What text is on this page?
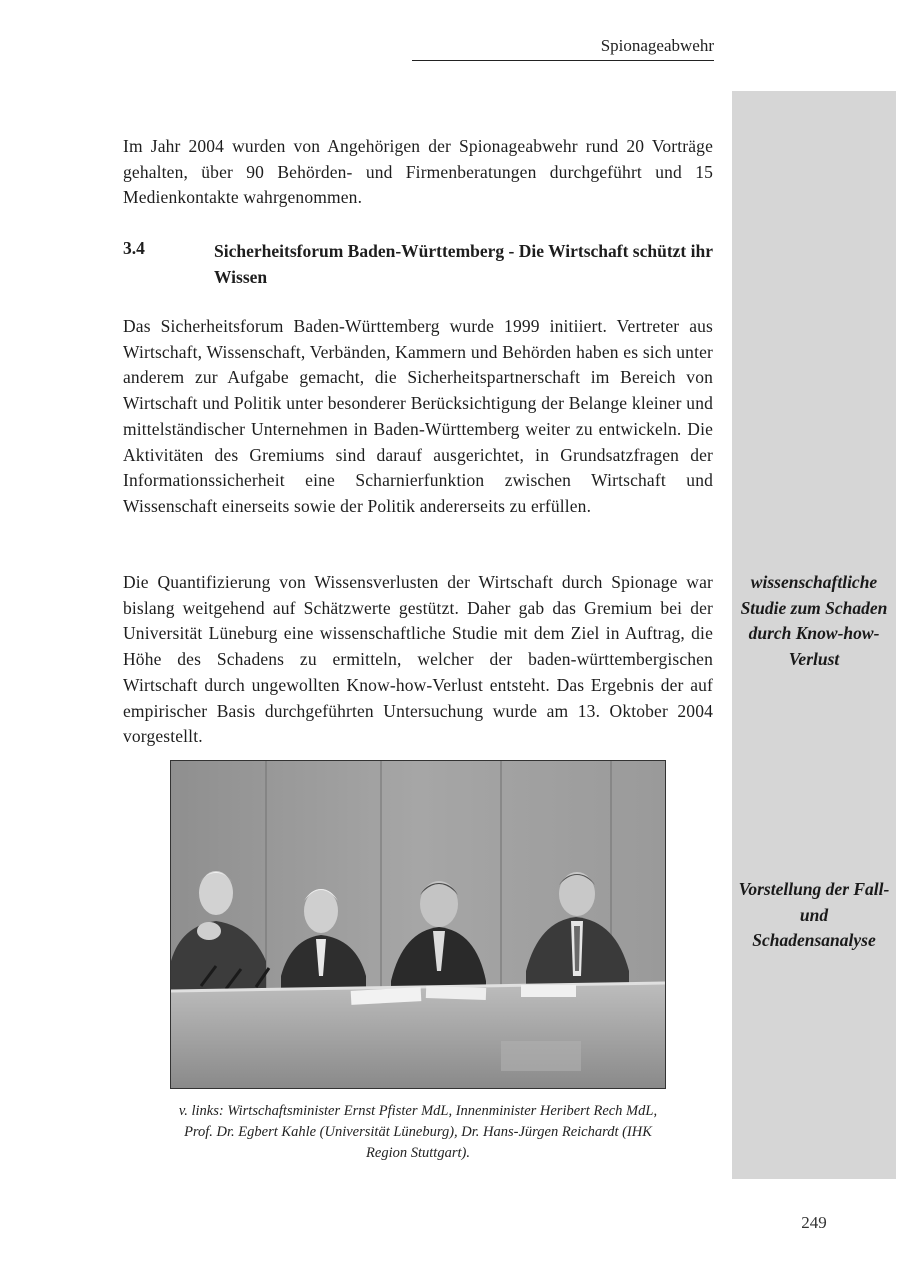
Spionageabwehr

Im Jahr 2004 wurden von Angehörigen der Spionageabwehr rund 20 Vorträge gehalten, über 90 Behörden- und Firmenberatungen durchgeführt und 15 Medienkontakte wahrgenommen.

3.4	Sicherheitsforum Baden-Württemberg - Die Wirtschaft schützt ihr Wissen

Das Sicherheitsforum Baden-Württemberg wurde 1999 initiiert. Vertreter aus Wirtschaft, Wissenschaft, Verbänden, Kammern und Behörden haben es sich unter anderem zur Aufgabe gemacht, die Sicherheitspartnerschaft im Bereich von Wirtschaft und Politik unter besonderer Berücksichtigung der Belange kleiner und mittelständischer Unternehmen in Baden-Württemberg weiter zu entwickeln. Die Aktivitäten des Gremiums sind darauf ausgerichtet, in Grundsatzfragen der Informationssicherheit eine Scharnierfunktion zwischen Wirtschaft und Wissenschaft einerseits sowie der Politik andererseits zu erfüllen.

Die Quantifizierung von Wissensverlusten der Wirtschaft durch Spionage war bislang weitgehend auf Schätzwerte gestützt. Daher gab das Gremium bei der Universität Lüneburg eine wissenschaftliche Studie mit dem Ziel in Auftrag, die Höhe des Schadens zu ermitteln, welcher der baden-württembergischen Wirtschaft durch ungewollten Know-how-Verlust entsteht. Das Ergebnis der auf empirischer Basis durchgeführten Untersuchung wurde am 13. Oktober 2004 vorgestellt.

wissenschaftliche Studie zum Schaden durch Know-how-Verlust

Vorstellung der Fall- und Schadensanalyse

v. links: Wirtschaftsminister Ernst Pfister MdL, Innenminister Heribert Rech MdL, Prof. Dr. Egbert Kahle (Universität Lüneburg), Dr. Hans-Jürgen Reichardt (IHK Region Stuttgart).

249
